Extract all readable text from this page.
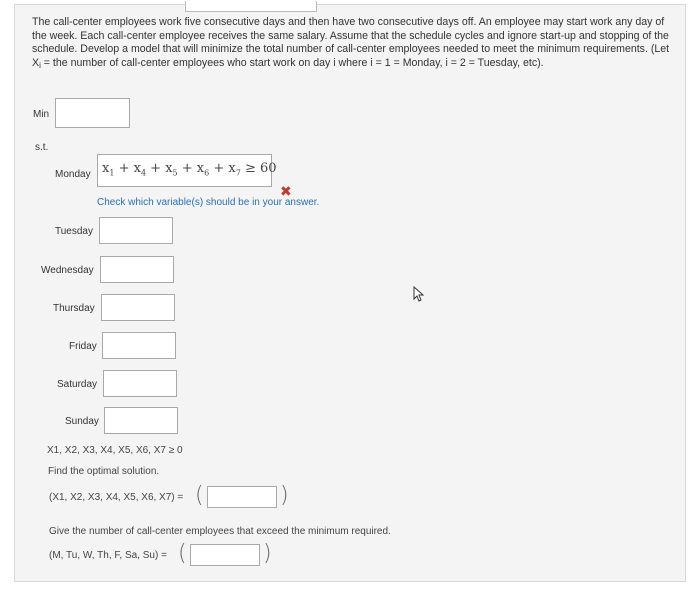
The call-center employees work five consecutive days and then have two consecutive days off. An employee may start work any day of the week. Each call-center employee receives the same salary. Assume that the schedule cycles and ignore start-up and stopping of the schedule. Develop a model that will minimize the total number of call-center employees needed to meet the minimum requirements. (Let Xi = the number of call-center employees who start work on day i where i = 1 = Monday, i = 2 = Tuesday, etc).
Min
s.t.
Monday $x_1 + x_4 + x_5 + x_6 + x_7 \ge 60$
✖
Check which variable(s) should be in your answer.
Tuesday
Wednesday
Thursday
Friday
Saturday
Sunday
X1, X2, X3, X4, X5, X6, X7 ≥ 0
Find the optimal solution.
(X1, X2, X3, X4, X5, X6, X7) = (	)
Give the number of call-center employees that exceed the minimum required.
(M, Tu, W, Th, F, Sa, Su) = (	)
